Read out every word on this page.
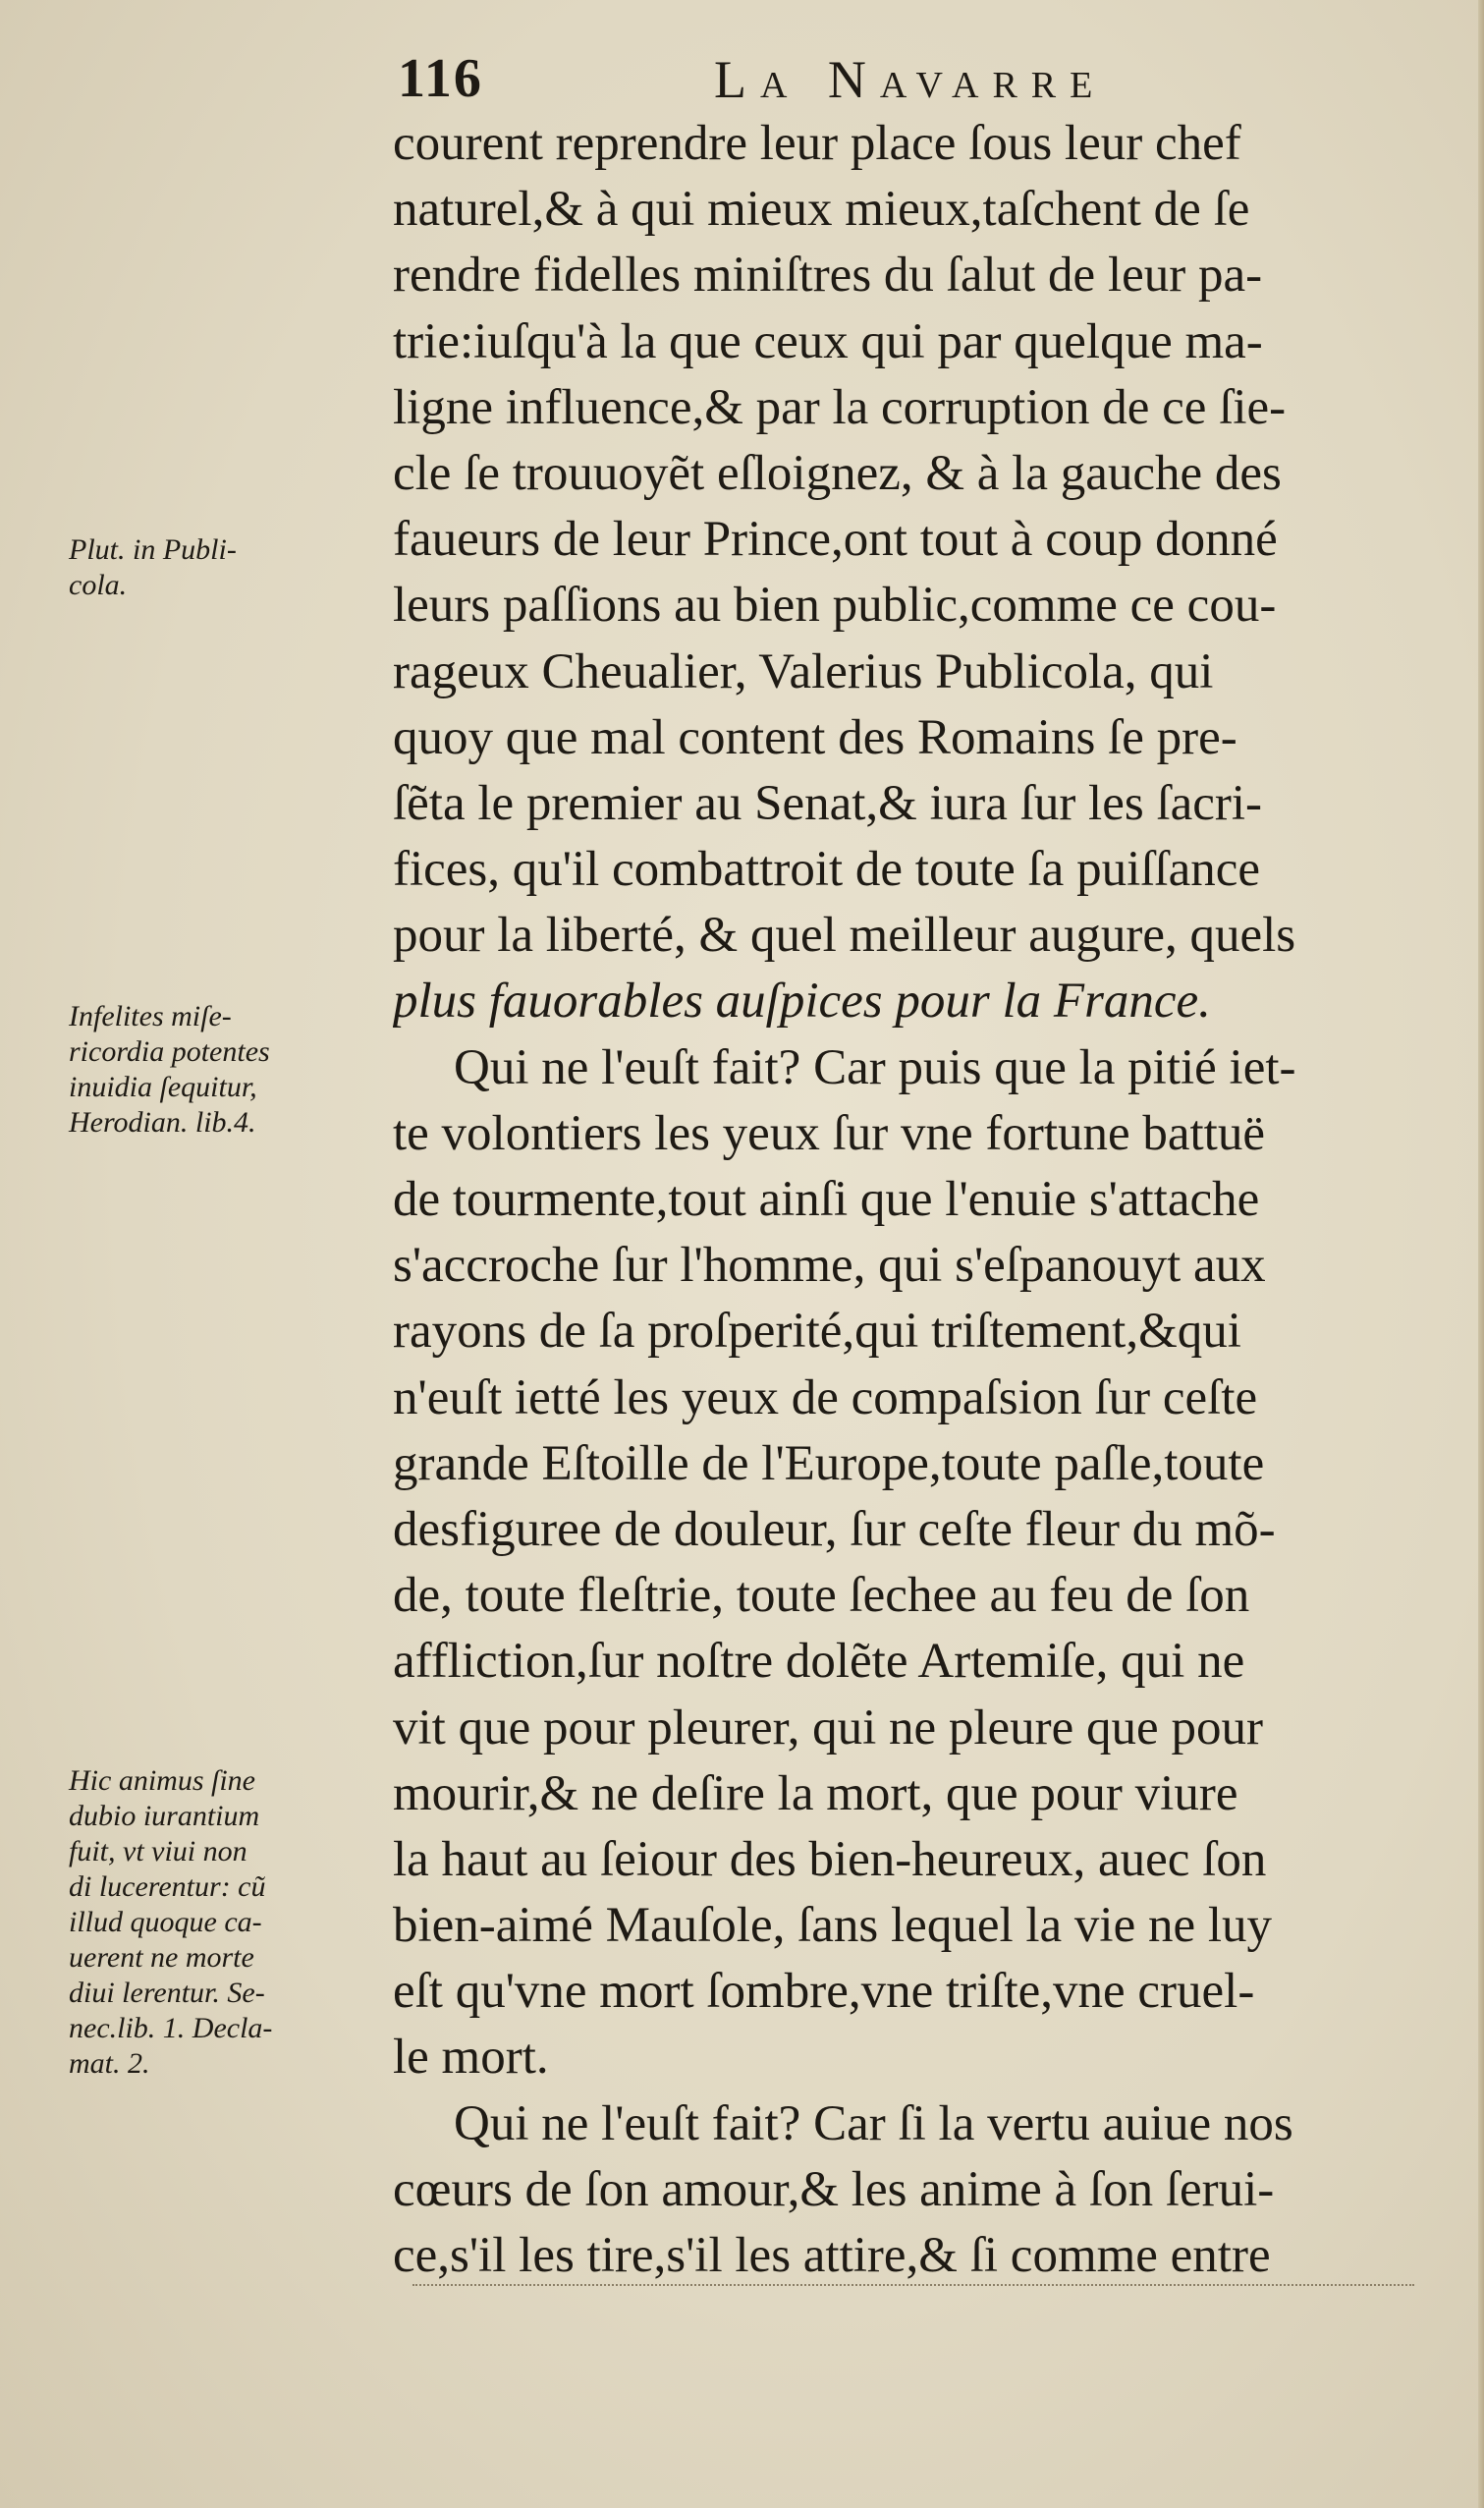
116	La Navarre
Plut. in Publi-
cola.
Infelites miſe-
ricordia potentes
inuidia ſequitur,
Herodian. lib.4.
Hic animus ſine
dubio iurantium
fuit, vt viui non
di lucerentur: cũ
illud quoque ca-
uerent ne morte
diui lerentur. Se-
nec.lib. 1. Decla-
mat. 2.
courent reprendre leur place ſous leur chef
naturel,& à qui mieux mieux,taſchent de ſe
rendre fidelles miniſtres du ſalut de leur pa-
trie:iuſqu'à la que ceux qui par quelque ma-
ligne influence,& par la corruption de ce ſie-
cle ſe trouuoyẽt eſloignez, & à la gauche des
faueurs de leur Prince,ont tout à coup donné
leurs paſſions au bien public,comme ce cou-
rageux Cheualier, Valerius Publicola, qui
quoy que mal content des Romains ſe pre-
ſẽta le premier au Senat,& iura ſur les ſacri-
fices, qu'il combattroit de toute ſa puiſſance
pour la liberté, & quel meilleur augure, quels
plus fauorables auſpices pour la France.
Qui ne l'euſt fait? Car puis que la pitié iet-
te volontiers les yeux ſur vne fortune battuë
de tourmente,tout ainſi que l'enuie s'attache
s'accroche ſur l'homme, qui s'eſpanouyt aux
rayons de ſa proſperité,qui triſtement,&qui
n'euſt ietté les yeux de compaſsion ſur ceſte
grande Eſtoille de l'Europe,toute paſle,toute
desfiguree de douleur, ſur ceſte fleur du mõ-
de, toute fleſtrie, toute ſechee au feu de ſon
affliction,ſur noſtre dolẽte Artemiſe, qui ne
vit que pour pleurer, qui ne pleure que pour
mourir,& ne deſire la mort, que pour viure
la haut au ſeiour des bien-heureux, auec ſon
bien-aimé Mauſole, ſans lequel la vie ne luy
eſt qu'vne mort ſombre,vne triſte,vne cruel-
le mort.
Qui ne l'euſt fait? Car ſi la vertu auiue nos
cœurs de ſon amour,& les anime à ſon ſerui-
ce,s'il les tire,s'il les attire,& ſi comme entre
